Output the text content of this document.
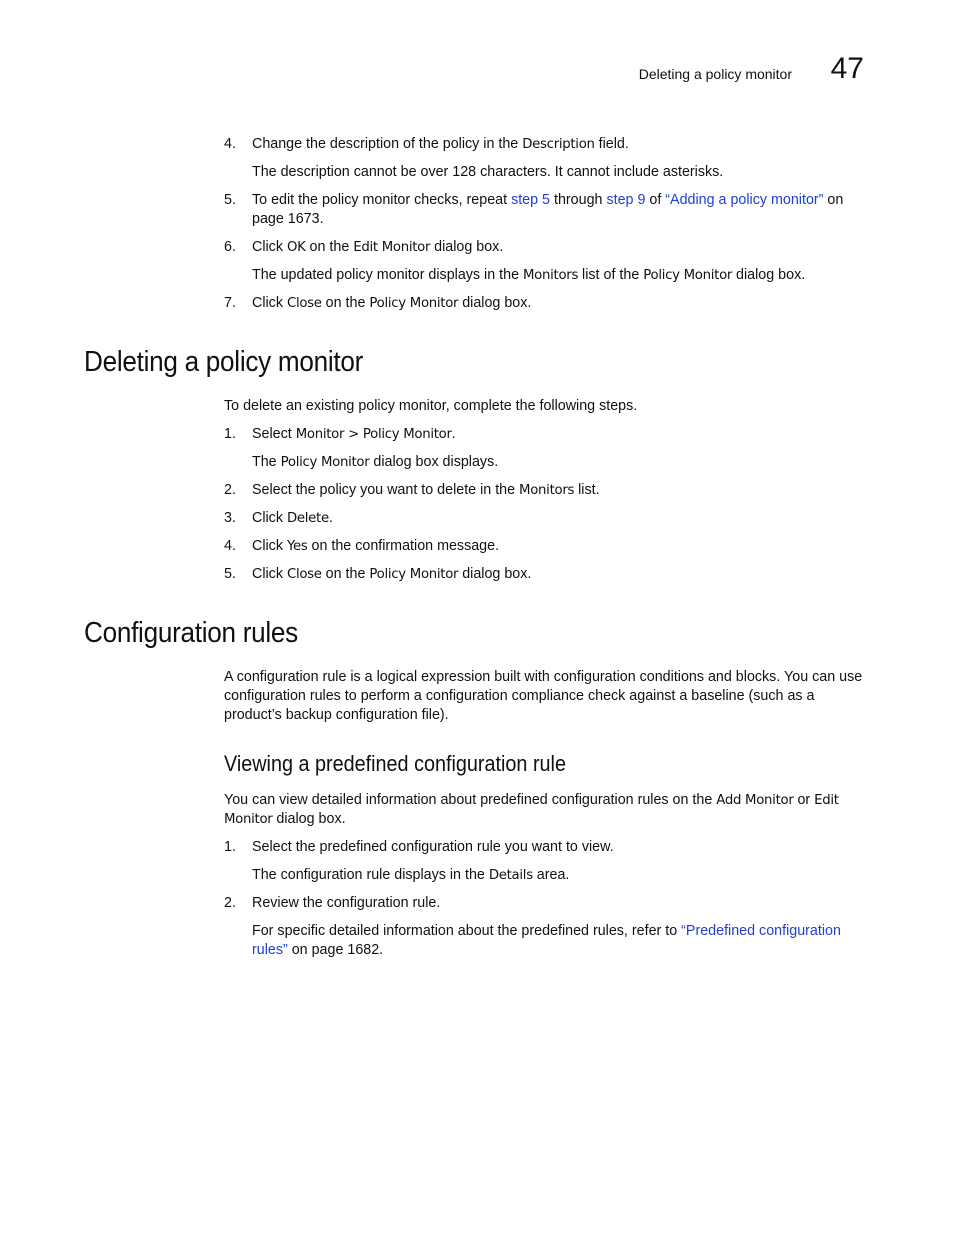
Deleting a policy monitor 47
4. Change the description of the policy in the Description field.

The description cannot be over 128 characters. It cannot include asterisks.

5. To edit the policy monitor checks, repeat step 5 through step 9 of “Adding a policy monitor” on page 1673.
6. Click OK on the Edit Monitor dialog box.

The updated policy monitor displays in the Monitors list of the Policy Monitor dialog box.

7. Click Close on the Policy Monitor dialog box.
Deleting a policy monitor

To delete an existing policy monitor, complete the following steps.

1. Select Monitor > Policy Monitor.

The Policy Monitor dialog box displays.

2. Select the policy you want to delete in the Monitors list.
3. Click Delete.
4. Click Yes on the confirmation message.
5. Click Close on the Policy Monitor dialog box.
Configuration rules

A configuration rule is a logical expression built with configuration conditions and blocks. You can use configuration rules to perform a configuration compliance check against a baseline (such as a product’s backup configuration file).

Viewing a predefined configuration rule

You can view detailed information about predefined configuration rules on the Add Monitor or Edit Monitor dialog box.

1. Select the predefined configuration rule you want to view.

The configuration rule displays in the Details area.

2. Review the configuration rule.

For specific detailed information about the predefined rules, refer to “Predefined configuration rules” on page 1682.
